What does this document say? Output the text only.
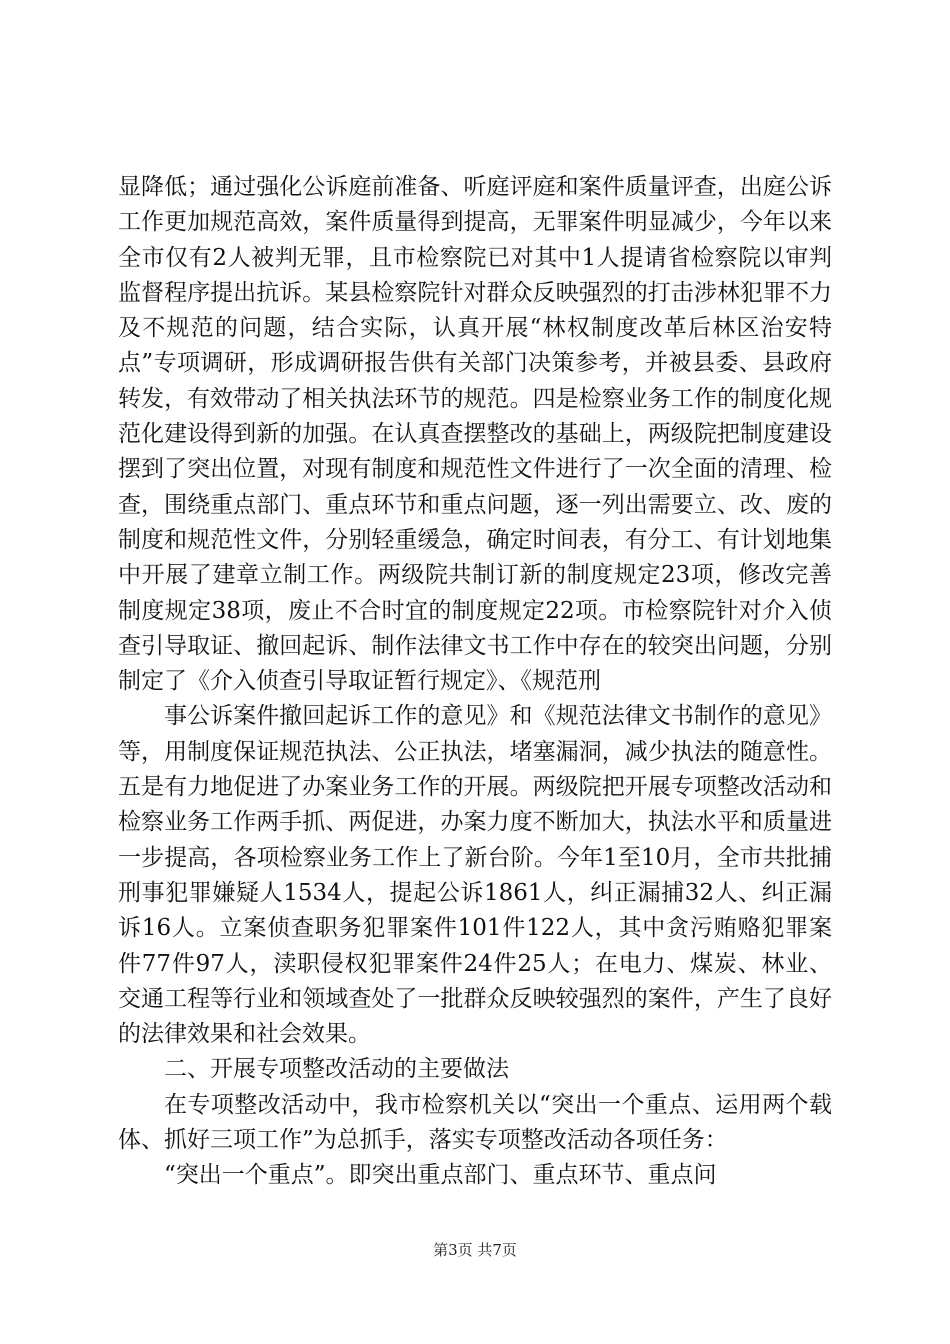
显降低；通过强化公诉庭前准备、听庭评庭和案件质量评查，出庭公诉工作更加规范高效，案件质量得到提高，无罪案件明显减少，今年以来全市仅有2人被判无罪，且市检察院已对其中1人提请省检察院以审判监督程序提出抗诉。某县检察院针对群众反映强烈的打击涉林犯罪不力及不规范的问题，结合实际，认真开展“林权制度改革后林区治安特点”专项调研，形成调研报告供有关部门决策参考，并被县委、县政府转发，有效带动了相关执法环节的规范。四是检察业务工作的制度化规范化建设得到新的加强。在认真查摆整改的基础上，两级院把制度建设摆到了突出位置，对现有制度和规范性文件进行了一次全面的清理、检查，围绕重点部门、重点环节和重点问题，逐一列出需要立、改、废的制度和规范性文件，分别轻重缓急，确定时间表，有分工、有计划地集中开展了建章立制工作。两级院共制订新的制度规定23项，修改完善制度规定38项，废止不合时宜的制度规定22项。市检察院针对介入侦查引导取证、撤回起诉、制作法律文书工作中存在的较突出问题，分别制定了《介入侦查引导取证暂行规定》、《规范刑

事公诉案件撤回起诉工作的意见》和《规范法律文书制作的意见》等，用制度保证规范执法、公正执法，堵塞漏洞，减少执法的随意性。五是有力地促进了办案业务工作的开展。两级院把开展专项整改活动和检察业务工作两手抓、两促进，办案力度不断加大，执法水平和质量进一步提高，各项检察业务工作上了新台阶。今年1至10月，全市共批捕刑事犯罪嫌疑人1534人，提起公诉1861人，纠正漏捕32人、纠正漏诉16人。立案侦查职务犯罪案件101件122人，其中贪污贿赂犯罪案件77件97人，渎职侵权犯罪案件24件25人；在电力、煤炭、林业、交通工程等行业和领域查处了一批群众反映较强烈的案件，产生了良好的法律效果和社会效果。

二、开展专项整改活动的主要做法

在专项整改活动中，我市检察机关以“突出一个重点、运用两个载体、抓好三项工作”为总抓手，落实专项整改活动各项任务：

“突出一个重点”。即突出重点部门、重点环节、重点问

第3页 共7页
